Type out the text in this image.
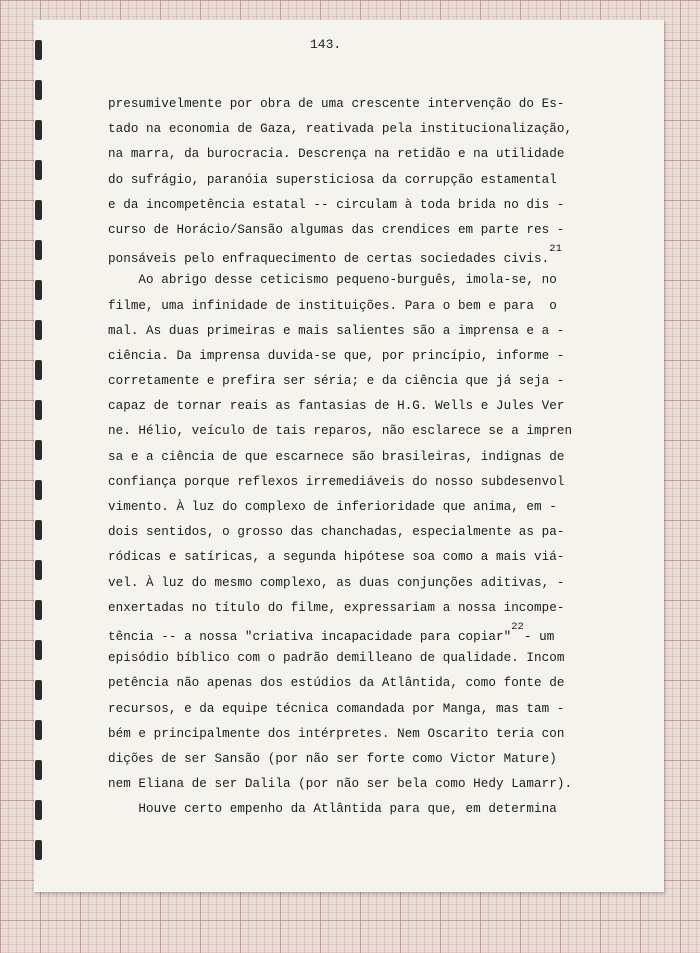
143.
presumivelmente por obra de uma crescente intervenção do Es-
tado na economia de Gaza, reativada pela institucionalização,
na marra, da burocracia. Descrença na retidão e na utilidade
do sufrágio, paranóia supersticiosa da corrupção estamental
e da incompetência estatal -- circulam à toda brida no dis -
curso de Horácio/Sansão algumas das crendices em parte res -
ponsáveis pelo enfraquecimento de certas sociedades civis.$^{21}$
Ao abrigo desse ceticismo pequeno-burguês, imola-se, no
filme, uma infinidade de instituições. Para o bem e para  o
mal. As duas primeiras e mais salientes são a imprensa e a -
ciência. Da imprensa duvida-se que, por princípio, informe -
corretamente e prefira ser séria; e da ciência que já seja -
capaz de tornar reais as fantasias de H.G. Wells e Jules Ver
ne. Hélio, veículo de tais reparos, não esclarece se a impren
sa e a ciência de que escarnece são brasileiras, indignas de
confiança porque reflexos irremediáveis do nosso subdesenvol
vimento. À luz do complexo de inferioridade que anima, em -
dois sentidos, o grosso das chanchadas, especialmente as pa-
ródicas e satíricas, a segunda hipótese soa como a mais viá-
vel. À luz do mesmo complexo, as duas conjunções aditivas, -
enxertadas no título do filme, expressariam a nossa incompe-
tência -- a nossa "criativa incapacidade para copiar"$^{22}$- um
episódio bíblico com o padrão demilleano de qualidade. Incom
petência não apenas dos estúdios da Atlântida, como fonte de
recursos, e da equipe técnica comandada por Manga, mas tam -
bém e principalmente dos intérpretes. Nem Oscarito teria con
dições de ser Sansão (por não ser forte como Victor Mature)
nem Eliana de ser Dalila (por não ser bela como Hedy Lamarr).
Houve certo empenho da Atlântida para que, em determina
